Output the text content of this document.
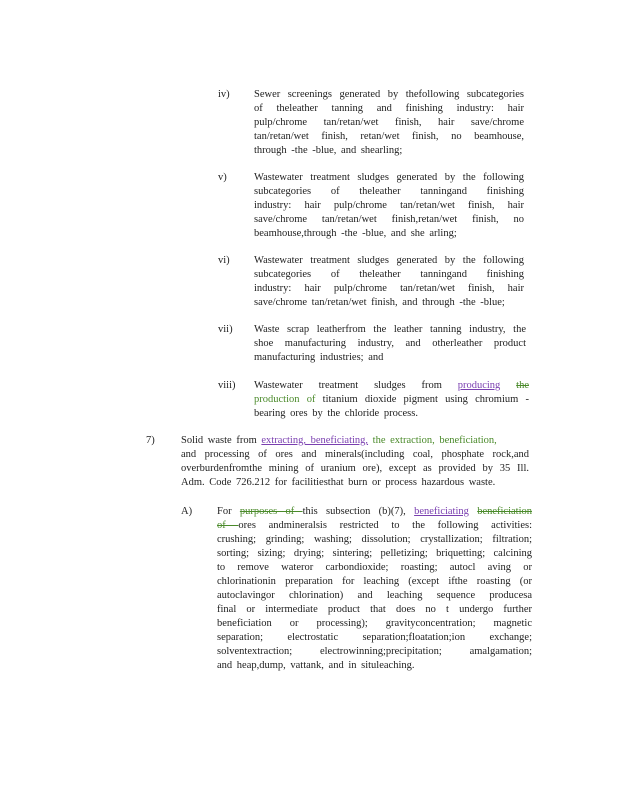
iv) Sewer screenings generated by thefollowing subcategories
of theleather tanning and finishing industry: hair
pulp/chrome tan/retan/wet finish, hair save/chrome
tan/retan/wet finish, retan/wet finish, no beamhouse,
through -the -blue, and shearling;
v)	Wastewater treatment sludges generated by the following
subcategories of theleather tanningand finishing
industry: hair pulp/chrome tan/retan/wet finish, hair
save/chrome tan/retan/wet finish,retan/wet finish, no
beamhouse,through -the -blue, and she arling;
vi) Wastewater treatment sludges generated by the following
subcategories of theleather tanningand finishing
industry: hair pulp/chrome tan/retan/wet finish, hair
save/chrome tan/retan/wet finish, and through -the -blue;
vii) Waste scrap leatherfrom the leather tanning industry, the
shoe manufacturing industry, and otherleather product
manufacturing industries; and
viii) Wastewater treatment sludges from producing the
production of titanium dioxide pigment using chromium -
bearing ores by the chloride process.
7)	Solid waste from extracting, beneficiating, the extraction, beneficiation,
and processing of ores and minerals(including coal, phosphate rock,and
overburdenfromthe mining of uranium ore), except as provided by 35 Ill.
Adm. Code 726.212 for facilitiesthat burn or process hazardous waste.
A) For purposes of this subsection (b)(7), beneficiating beneficiation
of ores andmineralsis restricted to the following activities:
crushing; grinding; washing; dissolution; crystallization; filtration;
sorting; sizing; drying; sintering; pelletizing; briquetting; calcining
to remove wateror carbondioxide; roasting; autocl aving or
chlorinationin preparation for leaching (except ifthe roasting (or
autoclavingor chlorination) and leaching sequence producesa
final or intermediate product that does no t undergo further
beneficiation or processing); gravityconcentration; magnetic
separation; electrostatic separation;floatation;ion exchange;
solventextraction; electrowinning;precipitation; amalgamation;
and heap,dump, vattank, and in situleaching.
